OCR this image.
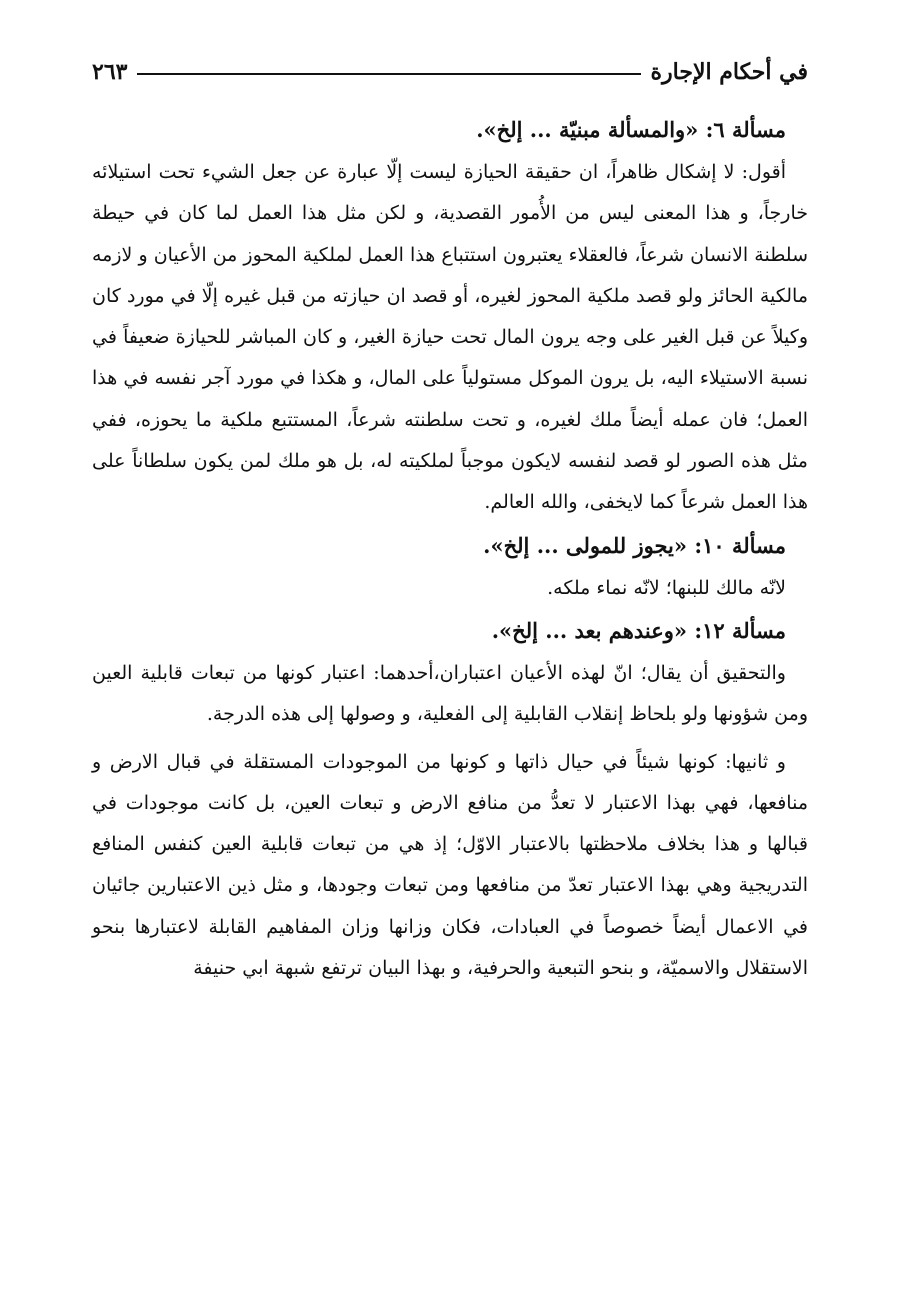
في أحكام الإجارة
٢٦٣
مسألة ٦: «والمسألة مبنيّة ... إلخ».

أقول: لا إشكال ظاهراً، ان حقيقة الحيازة ليست إلّا عبارة عن جعل الشيء تحت استيلائه خارجاً، و هذا المعنى ليس من الأُمور القصدية، و لكن مثل هذا العمل لما كان في حيطة سلطنة الانسان شرعاً، فالعقلاء يعتبرون استتباع هذا العمل لملكية المحوز من الأعيان و لازمه مالكية الحائز ولو قصد ملكية المحوز لغيره، أو قصد ان حيازته من قبل غيره إلّا في مورد كان وكيلاً عن قبل الغير على وجه يرون المال تحت حيازة الغير، و كان المباشر للحيازة ضعيفاً في نسبة الاستيلاء اليه، بل يرون الموكل مستولياً على المال، و هكذا في مورد آجر نفسه في هذا العمل؛ فان عمله أيضاً ملك لغيره، و تحت سلطنته شرعاً، المستتبع ملكية ما يحوزه، ففي مثل هذه الصور لو قصد لنفسه لايكون موجباً لملكيته له، بل هو ملك لمن يكون سلطاناً على هذا العمل شرعاً كما لايخفى، والله العالم.

مسألة ١٠: «يجوز للمولى ... إلخ».

لانّه مالك للبنها؛ لانّه نماء ملكه.

مسألة ١٢: «وعندهم بعد ... إلخ».

والتحقيق أن يقال؛ انّ لهذه الأعيان اعتباران،أحدهما: اعتبار كونها من تبعات قابلية العين ومن شؤونها ولو بلحاظ إنقلاب القابلية إلى الفعلية، و وصولها إلى هذه الدرجة.

و ثانيها: كونها شيئاً في حيال ذاتها و كونها من الموجودات المستقلة في قبال الارض و منافعها، فهي بهذا الاعتبار لا تعدُّ من منافع الارض و تبعات العين، بل كانت موجودات في قبالها و هذا بخلاف ملاحظتها بالاعتبار الاوّل؛ إذ هي من تبعات قابلية العين كنفس المنافع التدريجية وهي بهذا الاعتبار تعدّ من منافعها ومن تبعات وجودها، و مثل ذين الاعتبارين جائيان في الاعمال أيضاً خصوصاً في العبادات، فكان وزانها وزان المفاهيم القابلة لاعتبارها بنحو الاستقلال والاسميّة، و بنحو التبعية والحرفية، و بهذا البيان ترتفع شبهة ابي حنيفة
